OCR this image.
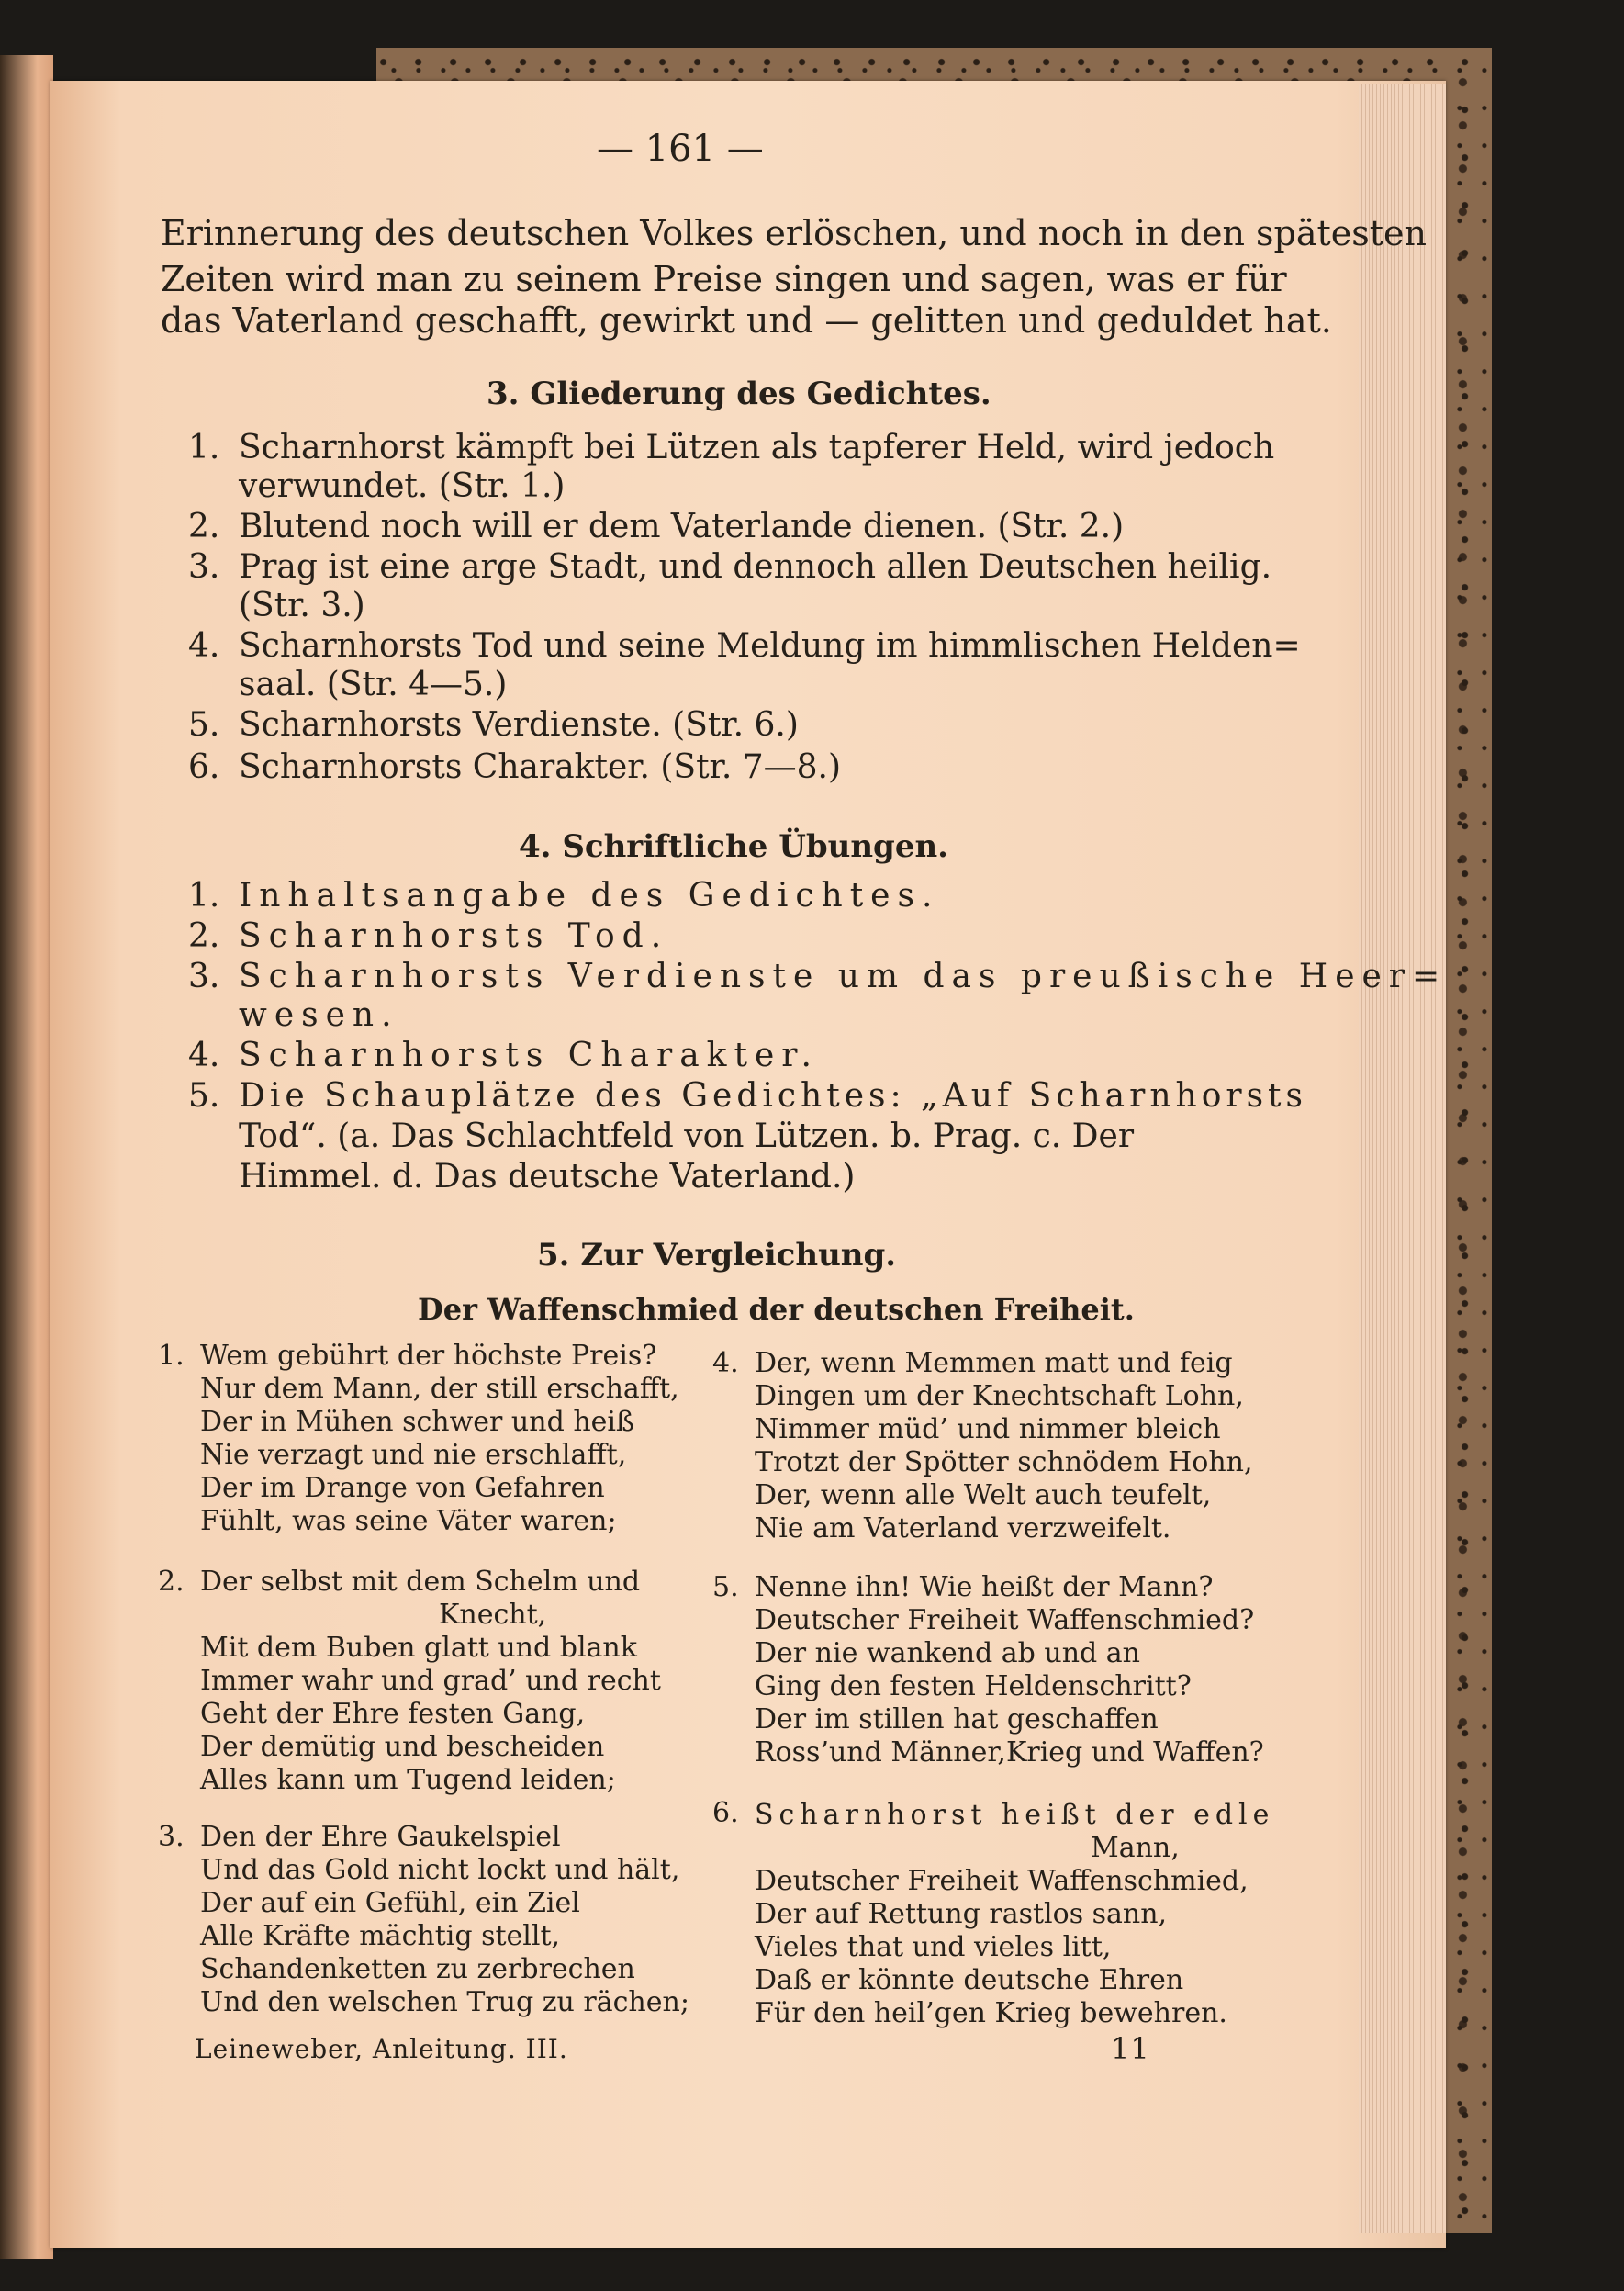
— 161 —
Erinnerung des deutschen Volkes erlöschen, und noch in den spätesten
Zeiten wird man zu seinem Preise singen und sagen, was er für
das Vaterland geschafft, gewirkt und — gelitten und geduldet hat.
3. Gliederung des Gedichtes.
1. Scharnhorst kämpft bei Lützen als tapferer Held, wird jedoch
verwundet. (Str. 1.)
2. Blutend noch will er dem Vaterlande dienen. (Str. 2.)
3. Prag ist eine arge Stadt, und dennoch allen Deutschen heilig.
(Str. 3.)
4. Scharnhorsts Tod und seine Meldung im himmlischen Helden=
saal. (Str. 4—5.)
5. Scharnhorsts Verdienste. (Str. 6.)
6. Scharnhorsts Charakter. (Str. 7—8.)
4. Schriftliche Übungen.
1. Inhaltsangabe des Gedichtes.
2. Scharnhorsts Tod.
3. Scharnhorsts Verdienste um das preußische Heer=
wesen.
4. Scharnhorsts Charakter.
5. Die Schauplätze des Gedichtes: „Auf Scharnhorsts
Tod“. (a. Das Schlachtfeld von Lützen. b. Prag. c. Der
Himmel. d. Das deutsche Vaterland.)
5. Zur Vergleichung.
Der Waffenschmied der deutschen Freiheit.
1. Wem gebührt der höchste Preis?
Nur dem Mann, der still erschafft,
Der in Mühen schwer und heiß
Nie verzagt und nie erschlafft,
Der im Drange von Gefahren
Fühlt, was seine Väter waren;
2. Der selbst mit dem Schelm und
Knecht,
Mit dem Buben glatt und blank
Immer wahr und grad’ und recht
Geht der Ehre festen Gang,
Der demütig und bescheiden
Alles kann um Tugend leiden;
3. Den der Ehre Gaukelspiel
Und das Gold nicht lockt und hält,
Der auf ein Gefühl, ein Ziel
Alle Kräfte mächtig stellt,
Schandenketten zu zerbrechen
Und den welschen Trug zu rächen;
4. Der, wenn Memmen matt und feig
Dingen um der Knechtschaft Lohn,
Nimmer müd’ und nimmer bleich
Trotzt der Spötter schnödem Hohn,
Der, wenn alle Welt auch teufelt,
Nie am Vaterland verzweifelt.
5. Nenne ihn! Wie heißt der Mann?
Deutscher Freiheit Waffenschmied?
Der nie wankend ab und an
Ging den festen Heldenschritt?
Der im stillen hat geschaffen
Ross’und Männer,Krieg und Waffen?
6. Scharnhorst heißt der edle
Mann,
Deutscher Freiheit Waffenschmied,
Der auf Rettung rastlos sann,
Vieles that und vieles litt,
Daß er könnte deutsche Ehren
Für den heil’gen Krieg bewehren.
Leineweber, Anleitung. III.	11
